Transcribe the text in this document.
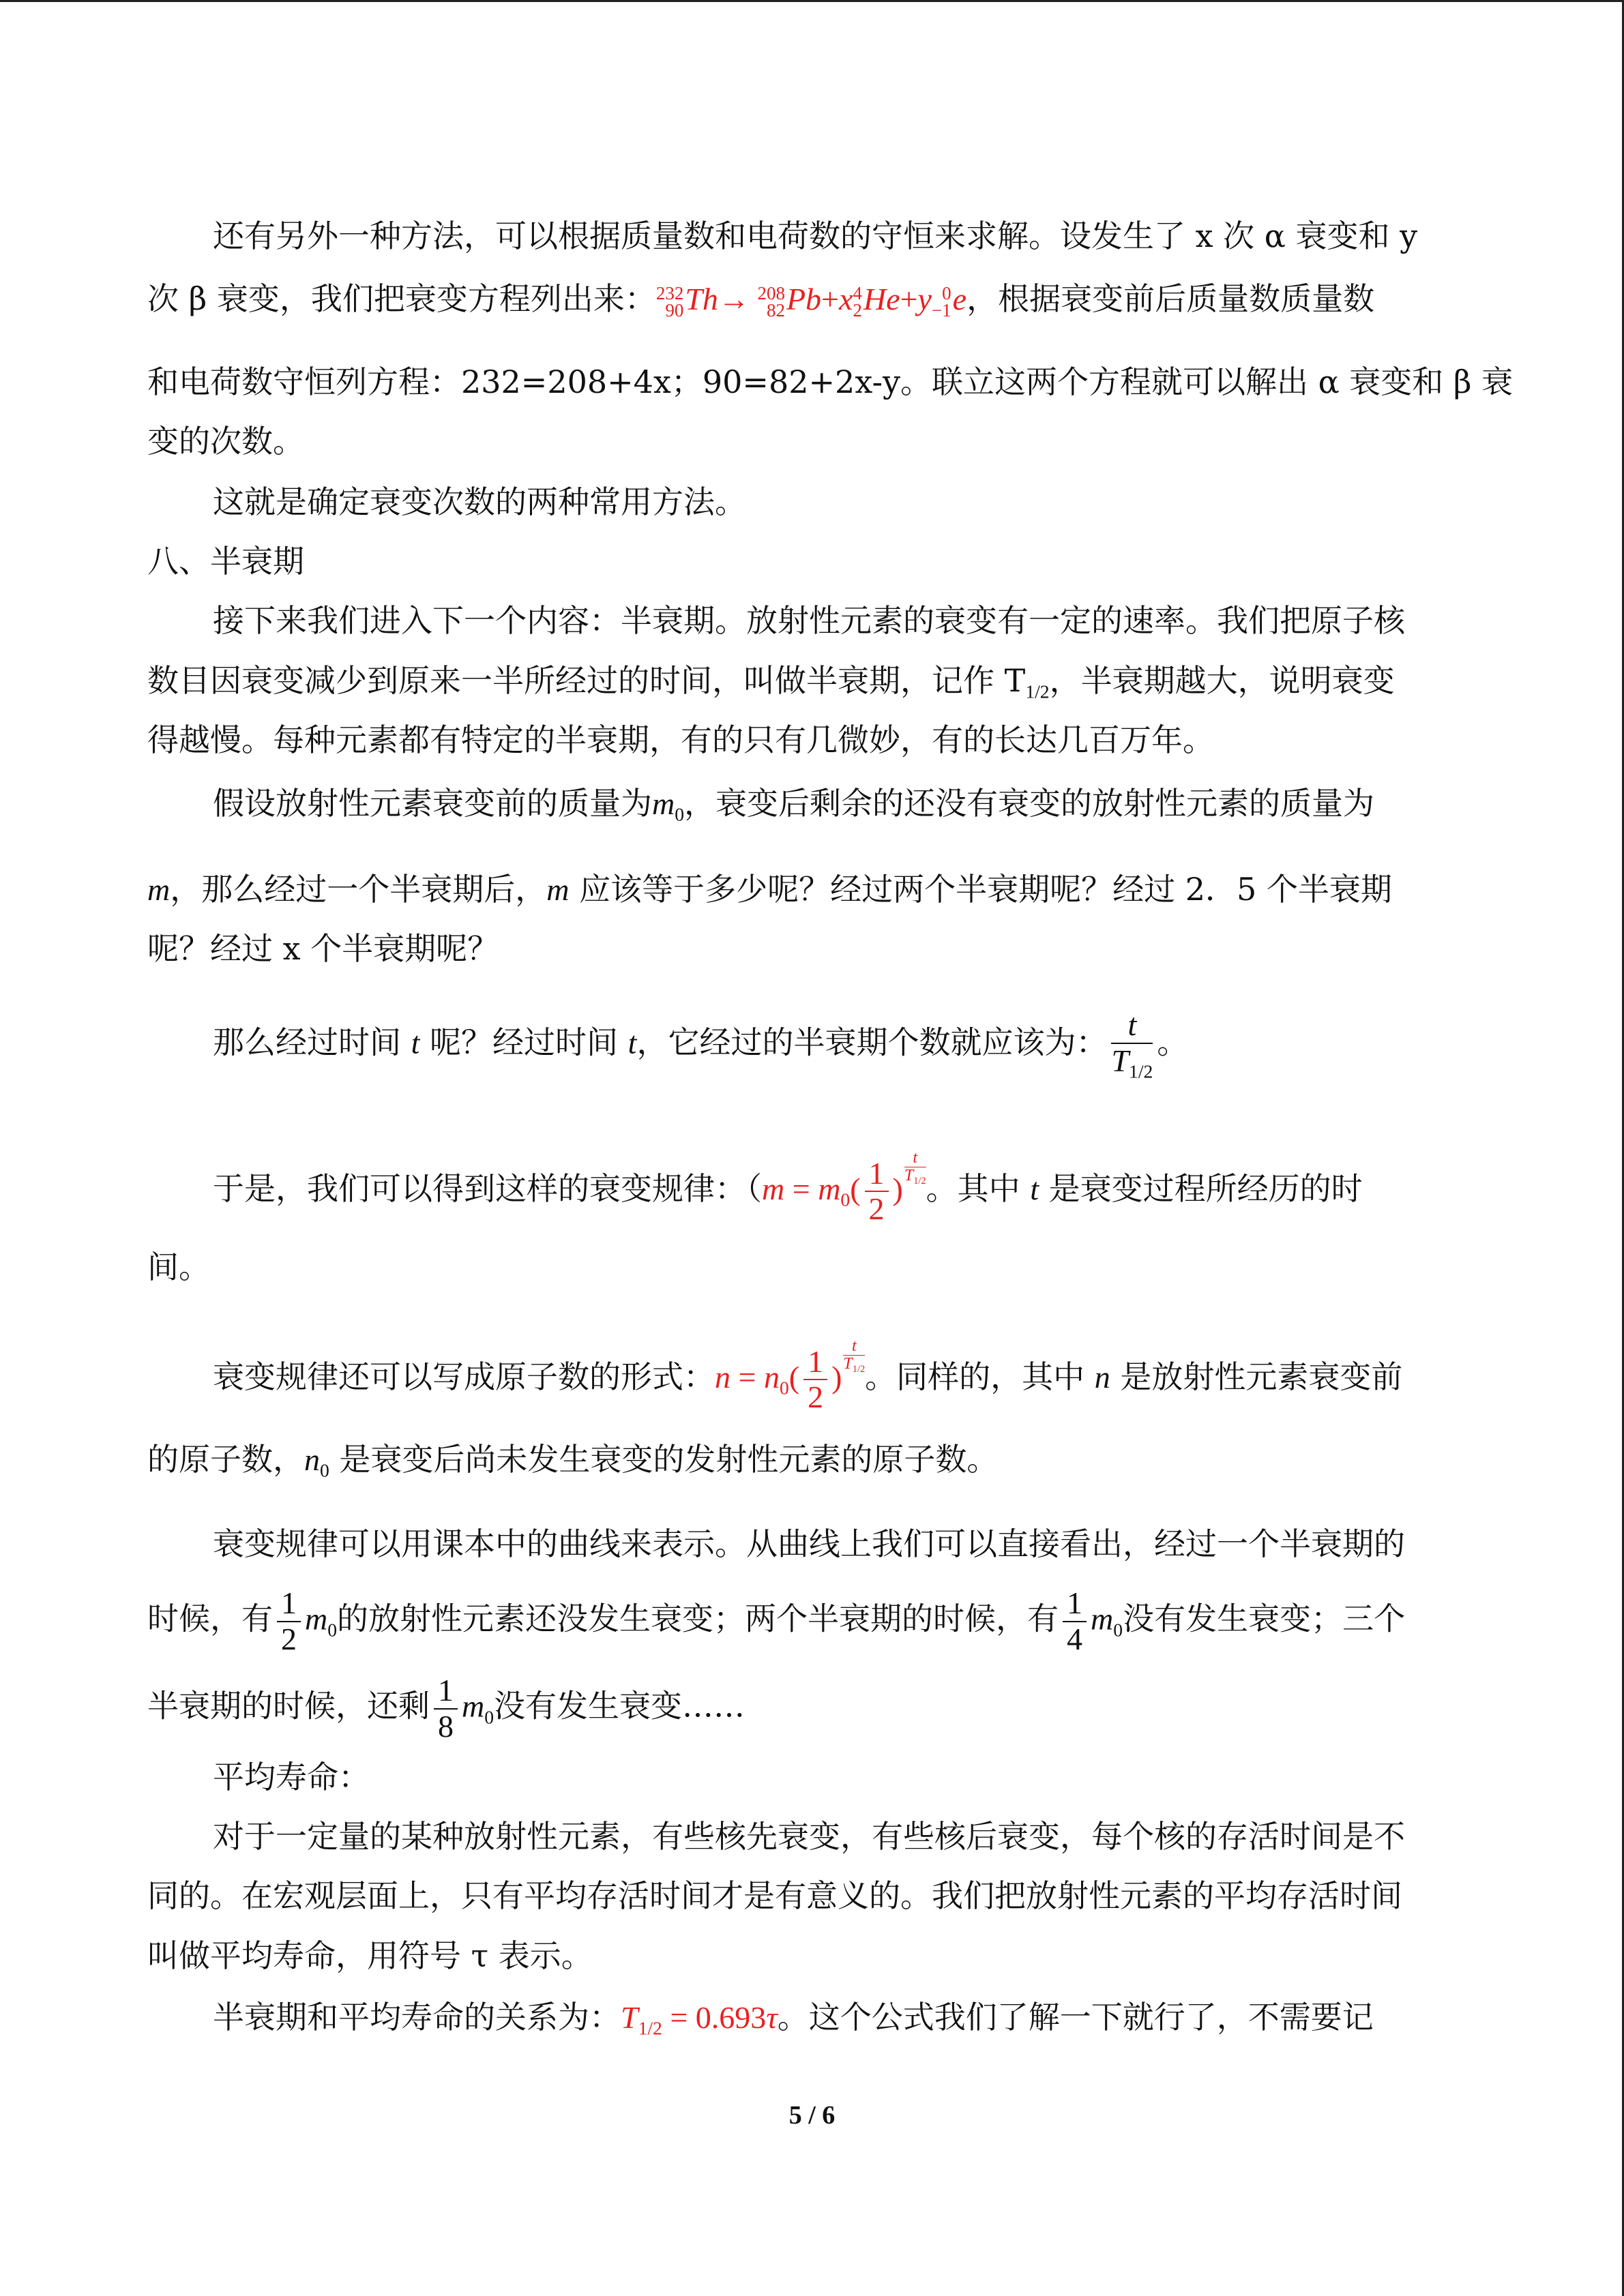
还有另外一种方法，可以根据质量数和电荷数的守恒来求解。设发生了 x 次 α 衰变和 y
次 β 衰变，我们把衰变方程列出来： 232
90 Th→ 208
82 Pb+x 4
2 He+y 0
−1 e，根据衰变前后质量数质量数
和电荷数守恒列方程：232=208+4x；90=82+2x-y。联立这两个方程就可以解出 α 衰变和 β 衰
变的次数。
这就是确定衰变次数的两种常用方法。
八、半衰期
接下来我们进入下一个内容：半衰期。放射性元素的衰变有一定的速率。我们把原子核
数目因衰变减少到原来一半所经过的时间，叫做半衰期，记作 $T_{1/2}$，半衰期越大，说明衰变
得越慢。每种元素都有特定的半衰期，有的只有几微妙，有的长达几百万年。
假设放射性元素衰变前的质量为$m_0$，衰变后剩余的还没有衰变的放射性元素的质量为
m，那么经过一个半衰期后，m 应该等于多少呢？经过两个半衰期呢？经过 2．5 个半衰期
呢？经过 x 个半衰期呢？
那么经过时间 t 呢？经过时间 t，它经过的半衰期个数就应该为： $\frac{t}{T_{1/2}}$ 。
于是，我们可以得到这样的衰变规律：（$m = m_0( \frac{1}{2}$ )
$\frac{t}{T_{1/2}}$
。其中 t 是衰变过程所经历的时
间。
衰变规律还可以写成原子数的形式：$n = n_0( \frac{1}{2}$ )
$\frac{t}{T_{1/2}}$
。同样的，其中 n 是放射性元素衰变前
的原子数，$n_0$ 是衰变后尚未发生衰变的发射性元素的原子数。
衰变规律可以用课本中的曲线来表示。从曲线上我们可以直接看出，经过一个半衰期的
时候，有 $\frac{1}{2} m_0$的放射性元素还没发生衰变；两个半衰期的时候，有 $\frac{1}{4} m_0$没有发生衰变；三个
半衰期的时候，还剩 $\frac{1}{8} m_0$没有发生衰变……
平均寿命：
对于一定量的某种放射性元素，有些核先衰变，有些核后衰变，每个核的存活时间是不
同的。在宏观层面上，只有平均存活时间才是有意义的。我们把放射性元素的平均存活时间
叫做平均寿命，用符号 τ 表示。
半衰期和平均寿命的关系为：$T_{1/2} = 0.693\tau$。这个公式我们了解一下就行了，不需要记
5 / 6
